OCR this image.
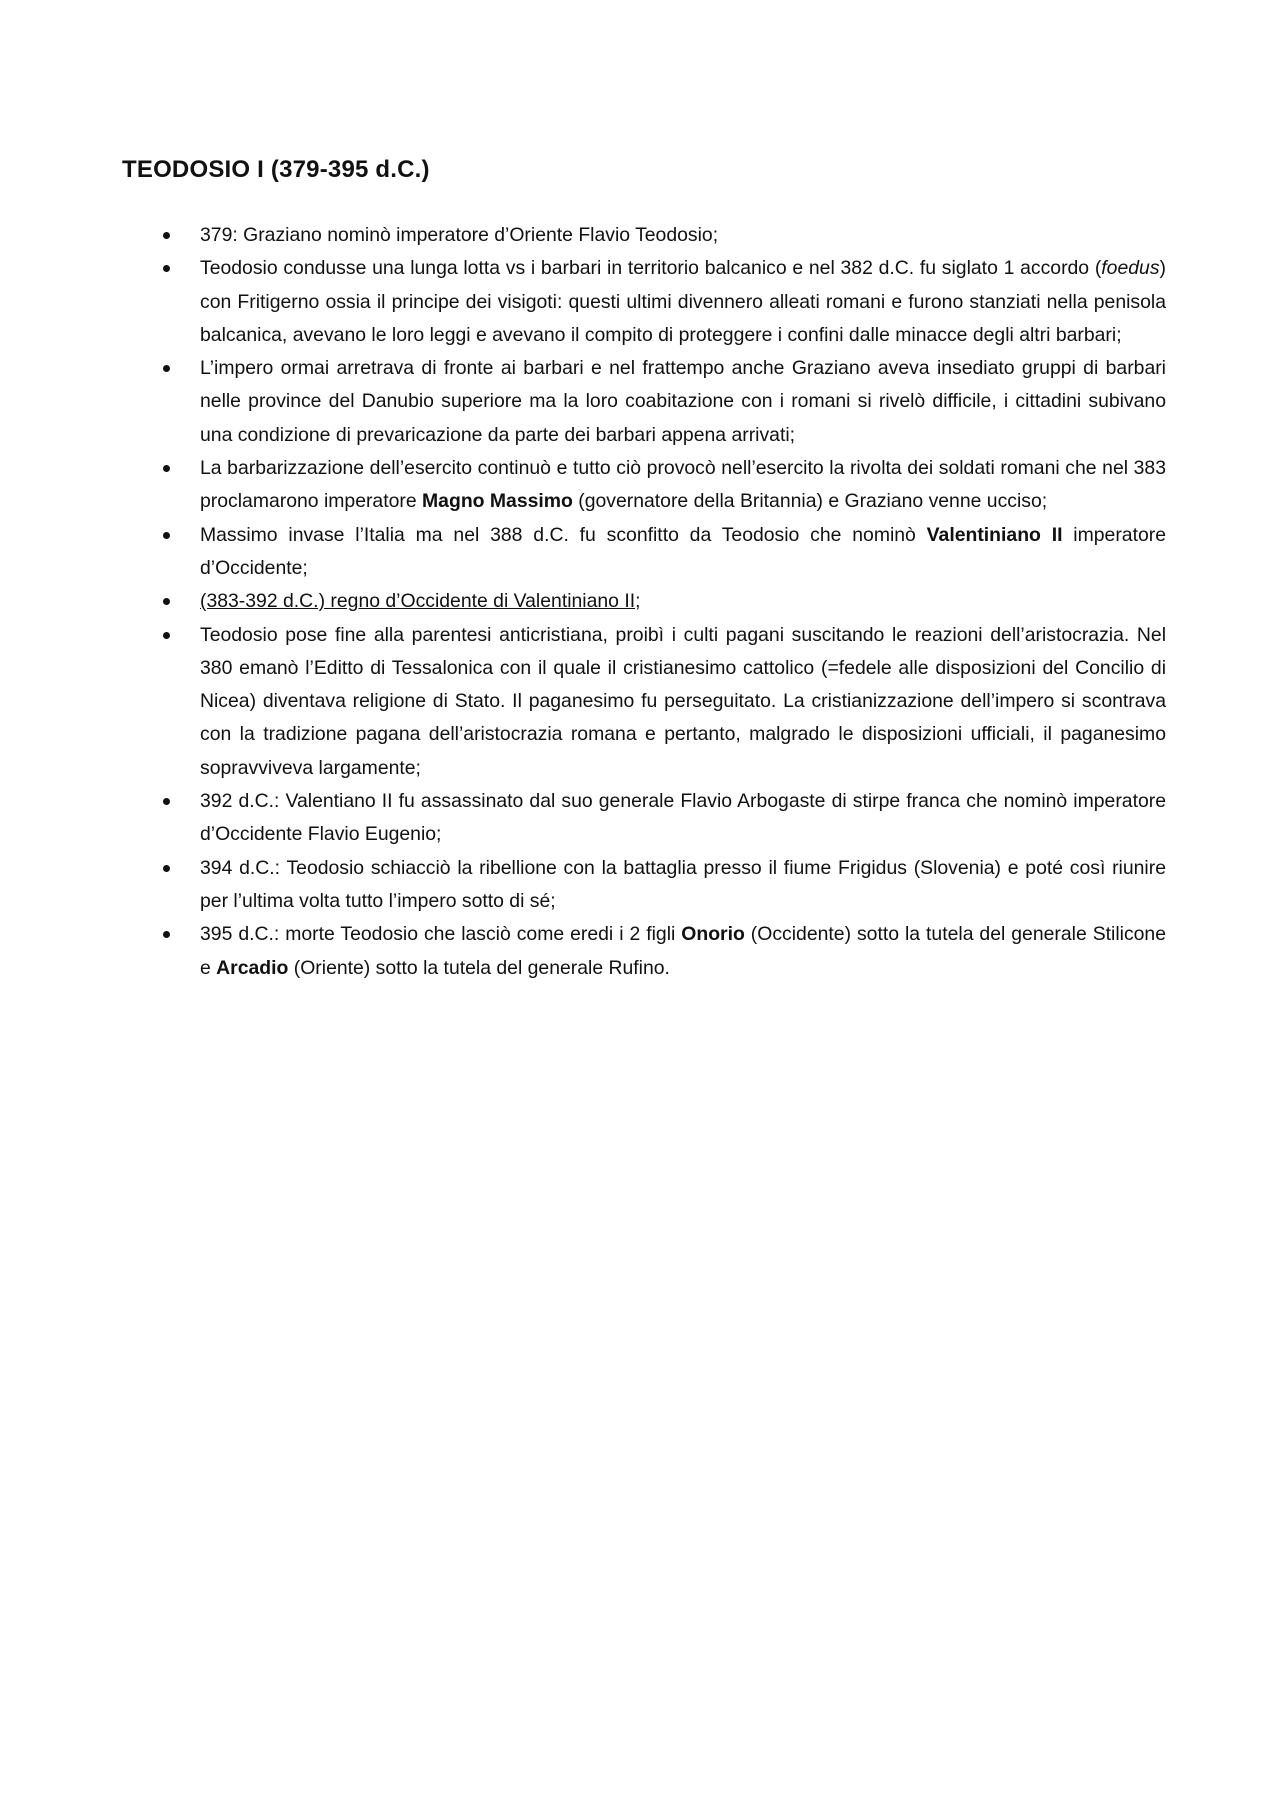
TEODOSIO I (379-395 d.C.)
379: Graziano nominò imperatore d’Oriente Flavio Teodosio;
Teodosio condusse una lunga lotta vs i barbari in territorio balcanico e nel 382 d.C. fu siglato 1 accordo (foedus) con Fritigerno ossia il principe dei visigoti: questi ultimi divennero alleati romani e furono stanziati nella penisola balcanica, avevano le loro leggi e avevano il compito di proteggere i confini dalle minacce degli altri barbari;
L’impero ormai arretrava di fronte ai barbari e nel frattempo anche Graziano aveva insediato gruppi di barbari nelle province del Danubio superiore ma la loro coabitazione con i romani si rivelò difficile, i cittadini subivano una condizione di prevaricazione da parte dei barbari appena arrivati;
La barbarizzazione dell’esercito continuò e tutto ciò provocò nell’esercito la rivolta dei soldati romani che nel 383 proclamarono imperatore Magno Massimo (governatore della Britannia) e Graziano venne ucciso;
Massimo invase l’Italia ma nel 388 d.C. fu sconfitto da Teodosio che nominò Valentiniano II imperatore d’Occidente;
(383-392 d.C.) regno d’Occidente di Valentiniano II;
Teodosio pose fine alla parentesi anticristiana, proibì i culti pagani suscitando le reazioni dell’aristocrazia. Nel 380 emanò l’Editto di Tessalonica con il quale il cristianesimo cattolico (=fedele alle disposizioni del Concilio di Nicea) diventava religione di Stato. Il paganesimo fu perseguitato. La cristianizzazione dell’impero si scontrava con la tradizione pagana dell’aristocrazia romana e pertanto, malgrado le disposizioni ufficiali, il paganesimo sopravviveva largamente;
392 d.C.: Valentiano II fu assassinato dal suo generale Flavio Arbogaste di stirpe franca che nominò imperatore d’Occidente Flavio Eugenio;
394 d.C.: Teodosio schiacciò la ribellione con la battaglia presso il fiume Frigidus (Slovenia) e poté così riunire per l’ultima volta tutto l’impero sotto di sé;
395 d.C.: morte Teodosio che lasciò come eredi i 2 figli Onorio (Occidente) sotto la tutela del generale Stilicone e Arcadio (Oriente) sotto la tutela del generale Rufino.
